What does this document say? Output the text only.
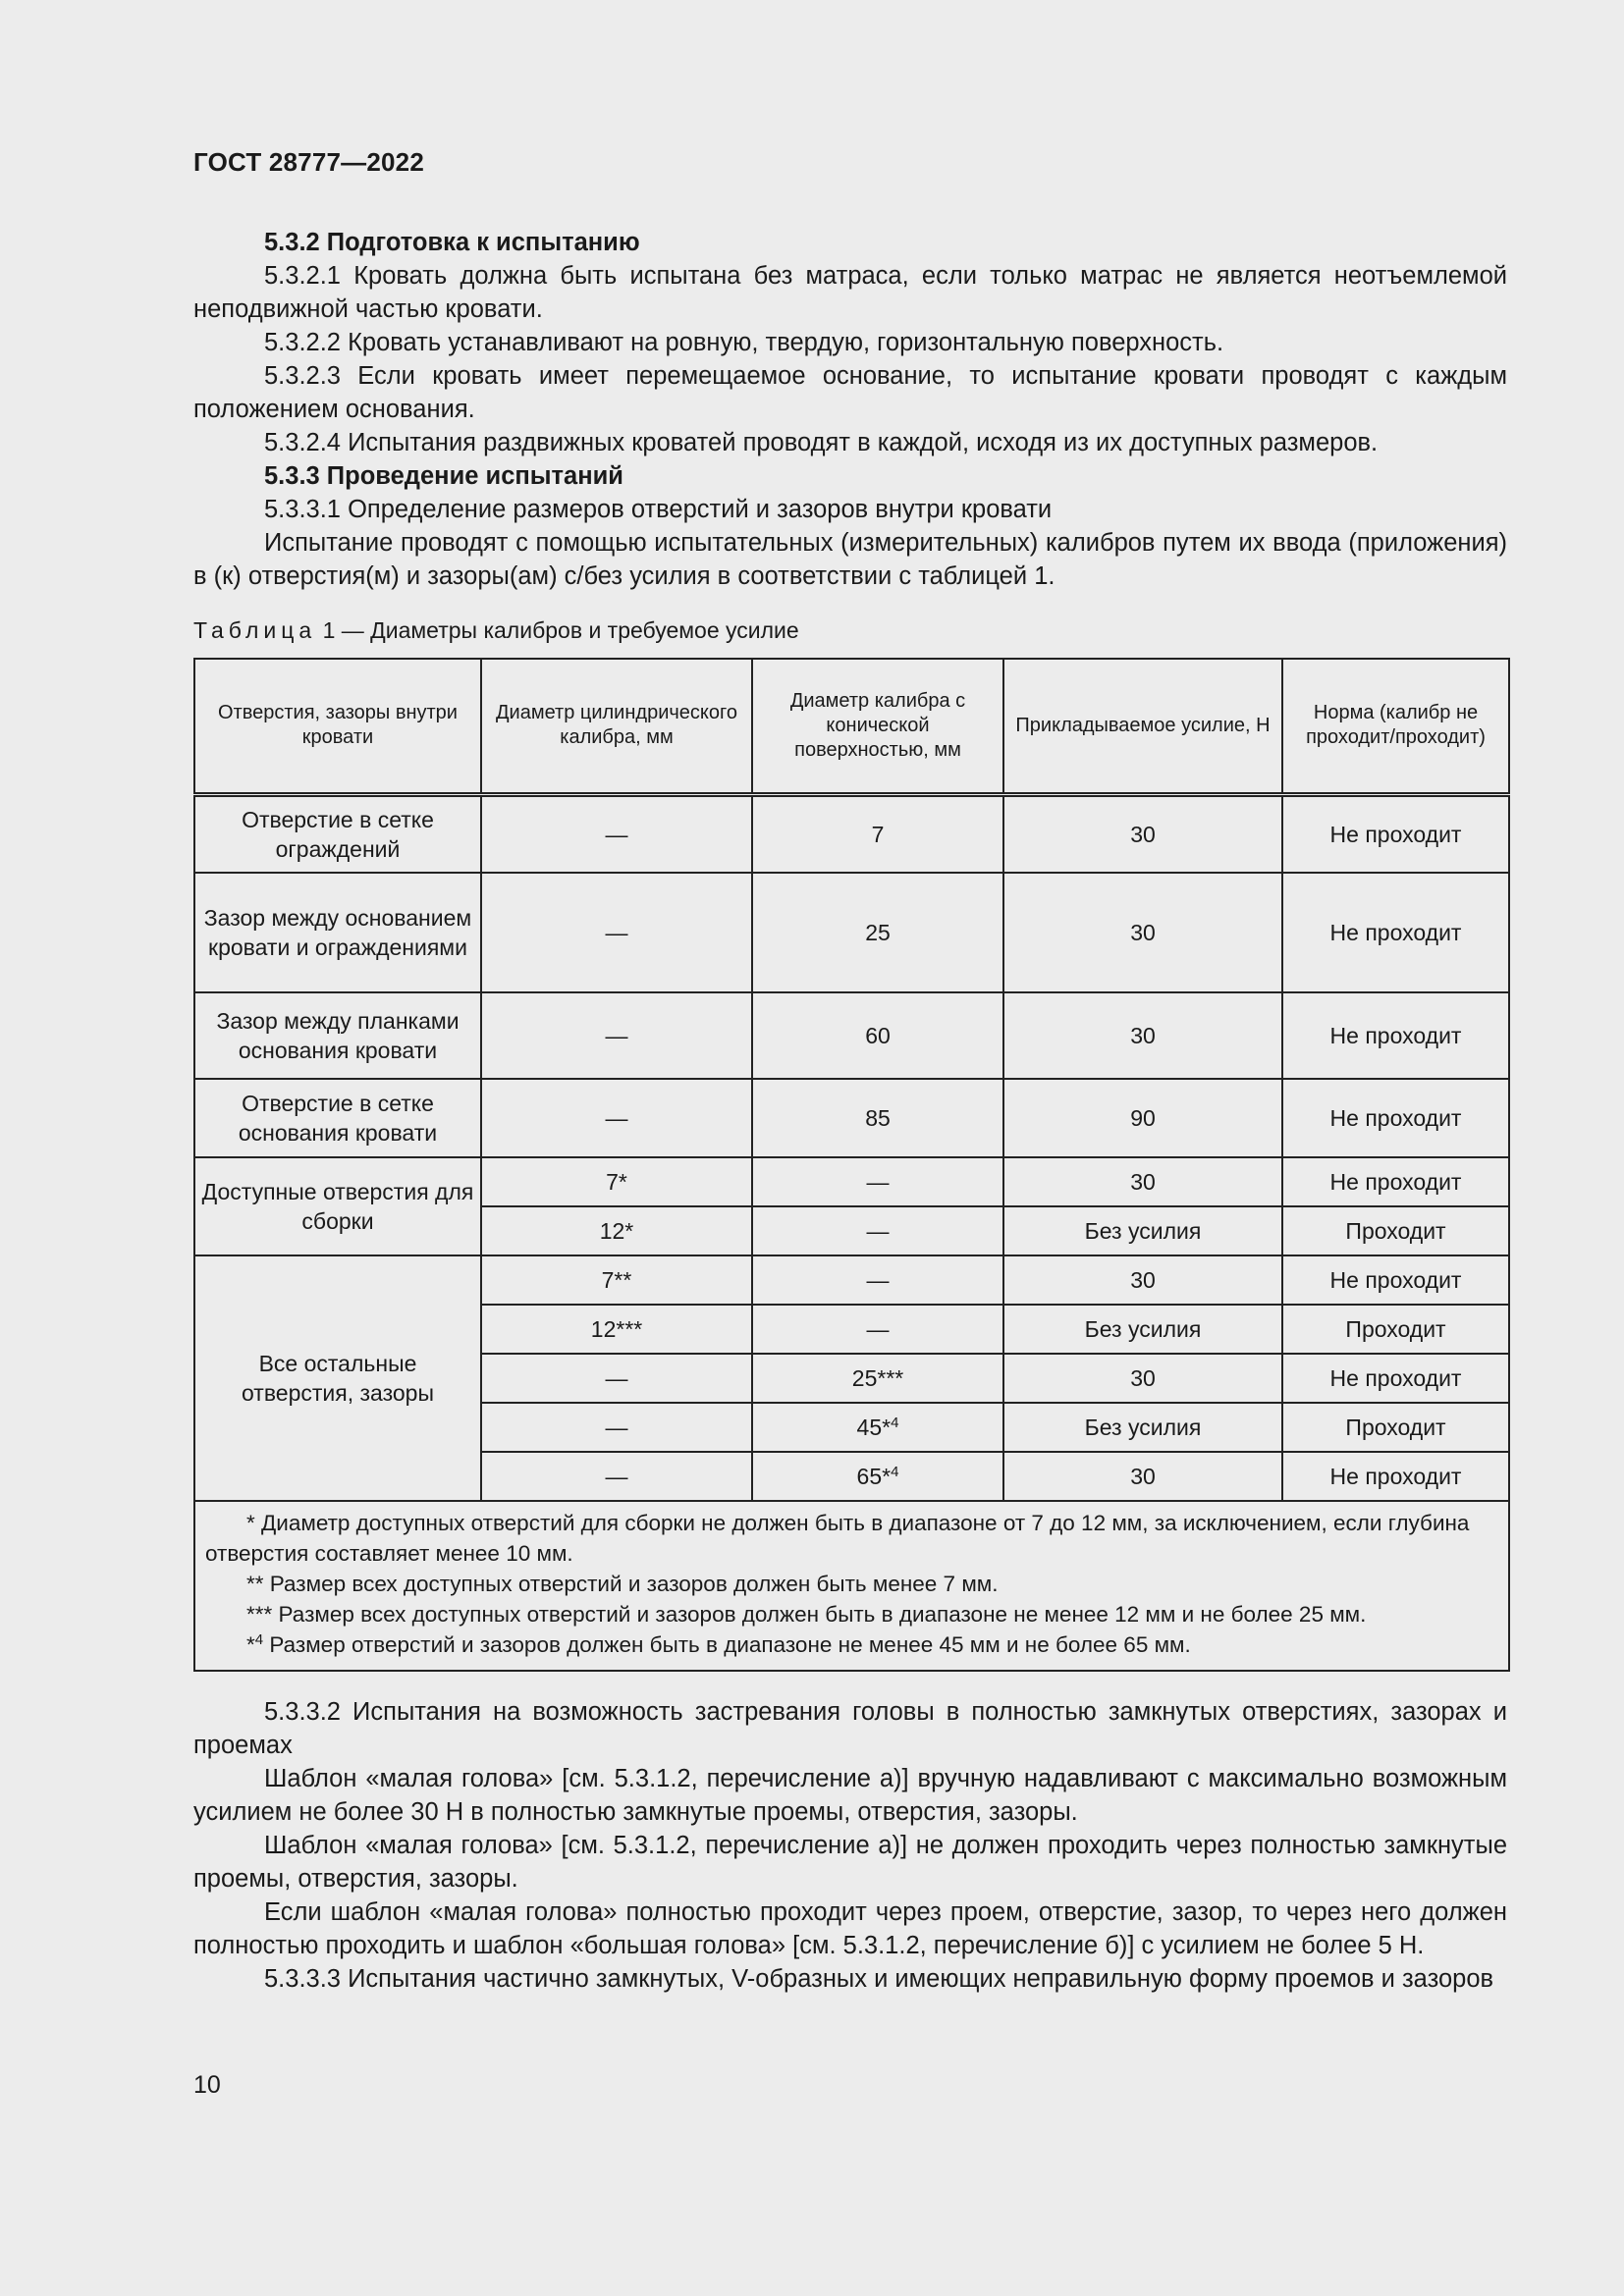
ГОСТ 28777—2022

5.3.2 Подготовка к испытанию

5.3.2.1 Кровать должна быть испытана без матраса, если только матрас не является неотъемлемой неподвижной частью кровати.

5.3.2.2 Кровать устанавливают на ровную, твердую, горизонтальную поверхность.

5.3.2.3 Если кровать имеет перемещаемое основание, то испытание кровати проводят с каждым положением основания.

5.3.2.4 Испытания раздвижных кроватей проводят в каждой, исходя из их доступных размеров.

5.3.3 Проведение испытаний

5.3.3.1 Определение размеров отверстий и зазоров внутри кровати

Испытание проводят с помощью испытательных (измерительных) калибров путем их ввода (приложения) в (к) отверстия(м) и зазоры(ам) с/без усилия в соответствии с таблицей 1.

Таблица 1 — Диаметры калибров и требуемое усилие
Отверстия, зазоры внутри кровати	Диаметр цилиндрического калибра, мм	Диаметр калибра с конической поверхностью, мм	Прикладываемое усилие, Н	Норма (калибр не проходит/проходит)
Отверстие в сетке ограждений	—	7	30	Не проходит
Зазор между основанием кровати и ограждениями	—	25	30	Не проходит
Зазор между планками основания кровати	—	60	30	Не проходит
Отверстие в сетке основания кровати	—	85	90	Не проходит
Доступные отверстия для сборки	7*	—	30	Не проходит
	12*	—	Без усилия	Проходит
Все остальные отверстия, зазоры	7**	—	30	Не проходит
	12***	—	Без усилия	Проходит
	—	25***	30	Не проходит
	—	45*$^4$	Без усилия	Проходит
	—	65*$^4$	30	Не проходит

* Диаметр доступных отверстий для сборки не должен быть в диапазоне от 7 до 12 мм, за исключением, если глубина отверстия составляет менее 10 мм.
** Размер всех доступных отверстий и зазоров должен быть менее 7 мм.
*** Размер всех доступных отверстий и зазоров должен быть в диапазоне не менее 12 мм и не более 25 мм.
*$^4$ Размер отверстий и зазоров должен быть в диапазоне не менее 45 мм и не более 65 мм.				

5.3.3.2 Испытания на возможность застревания головы в полностью замкнутых отверстиях, зазорах и проемах

Шаблон «малая голова» [см. 5.3.1.2, перечисление а)] вручную надавливают с максимально возможным усилием не более 30 Н в полностью замкнутые проемы, отверстия, зазоры.

Шаблон «малая голова» [см. 5.3.1.2, перечисление а)] не должен проходить через полностью замкнутые проемы, отверстия, зазоры.

Если шаблон «малая голова» полностью проходит через проем, отверстие, зазор, то через него должен полностью проходить и шаблон «большая голова» [см. 5.3.1.2, перечисление б)] с усилием не более 5 Н.

5.3.3.3 Испытания частично замкнутых, V-образных и имеющих неправильную форму проемов и зазоров

10
